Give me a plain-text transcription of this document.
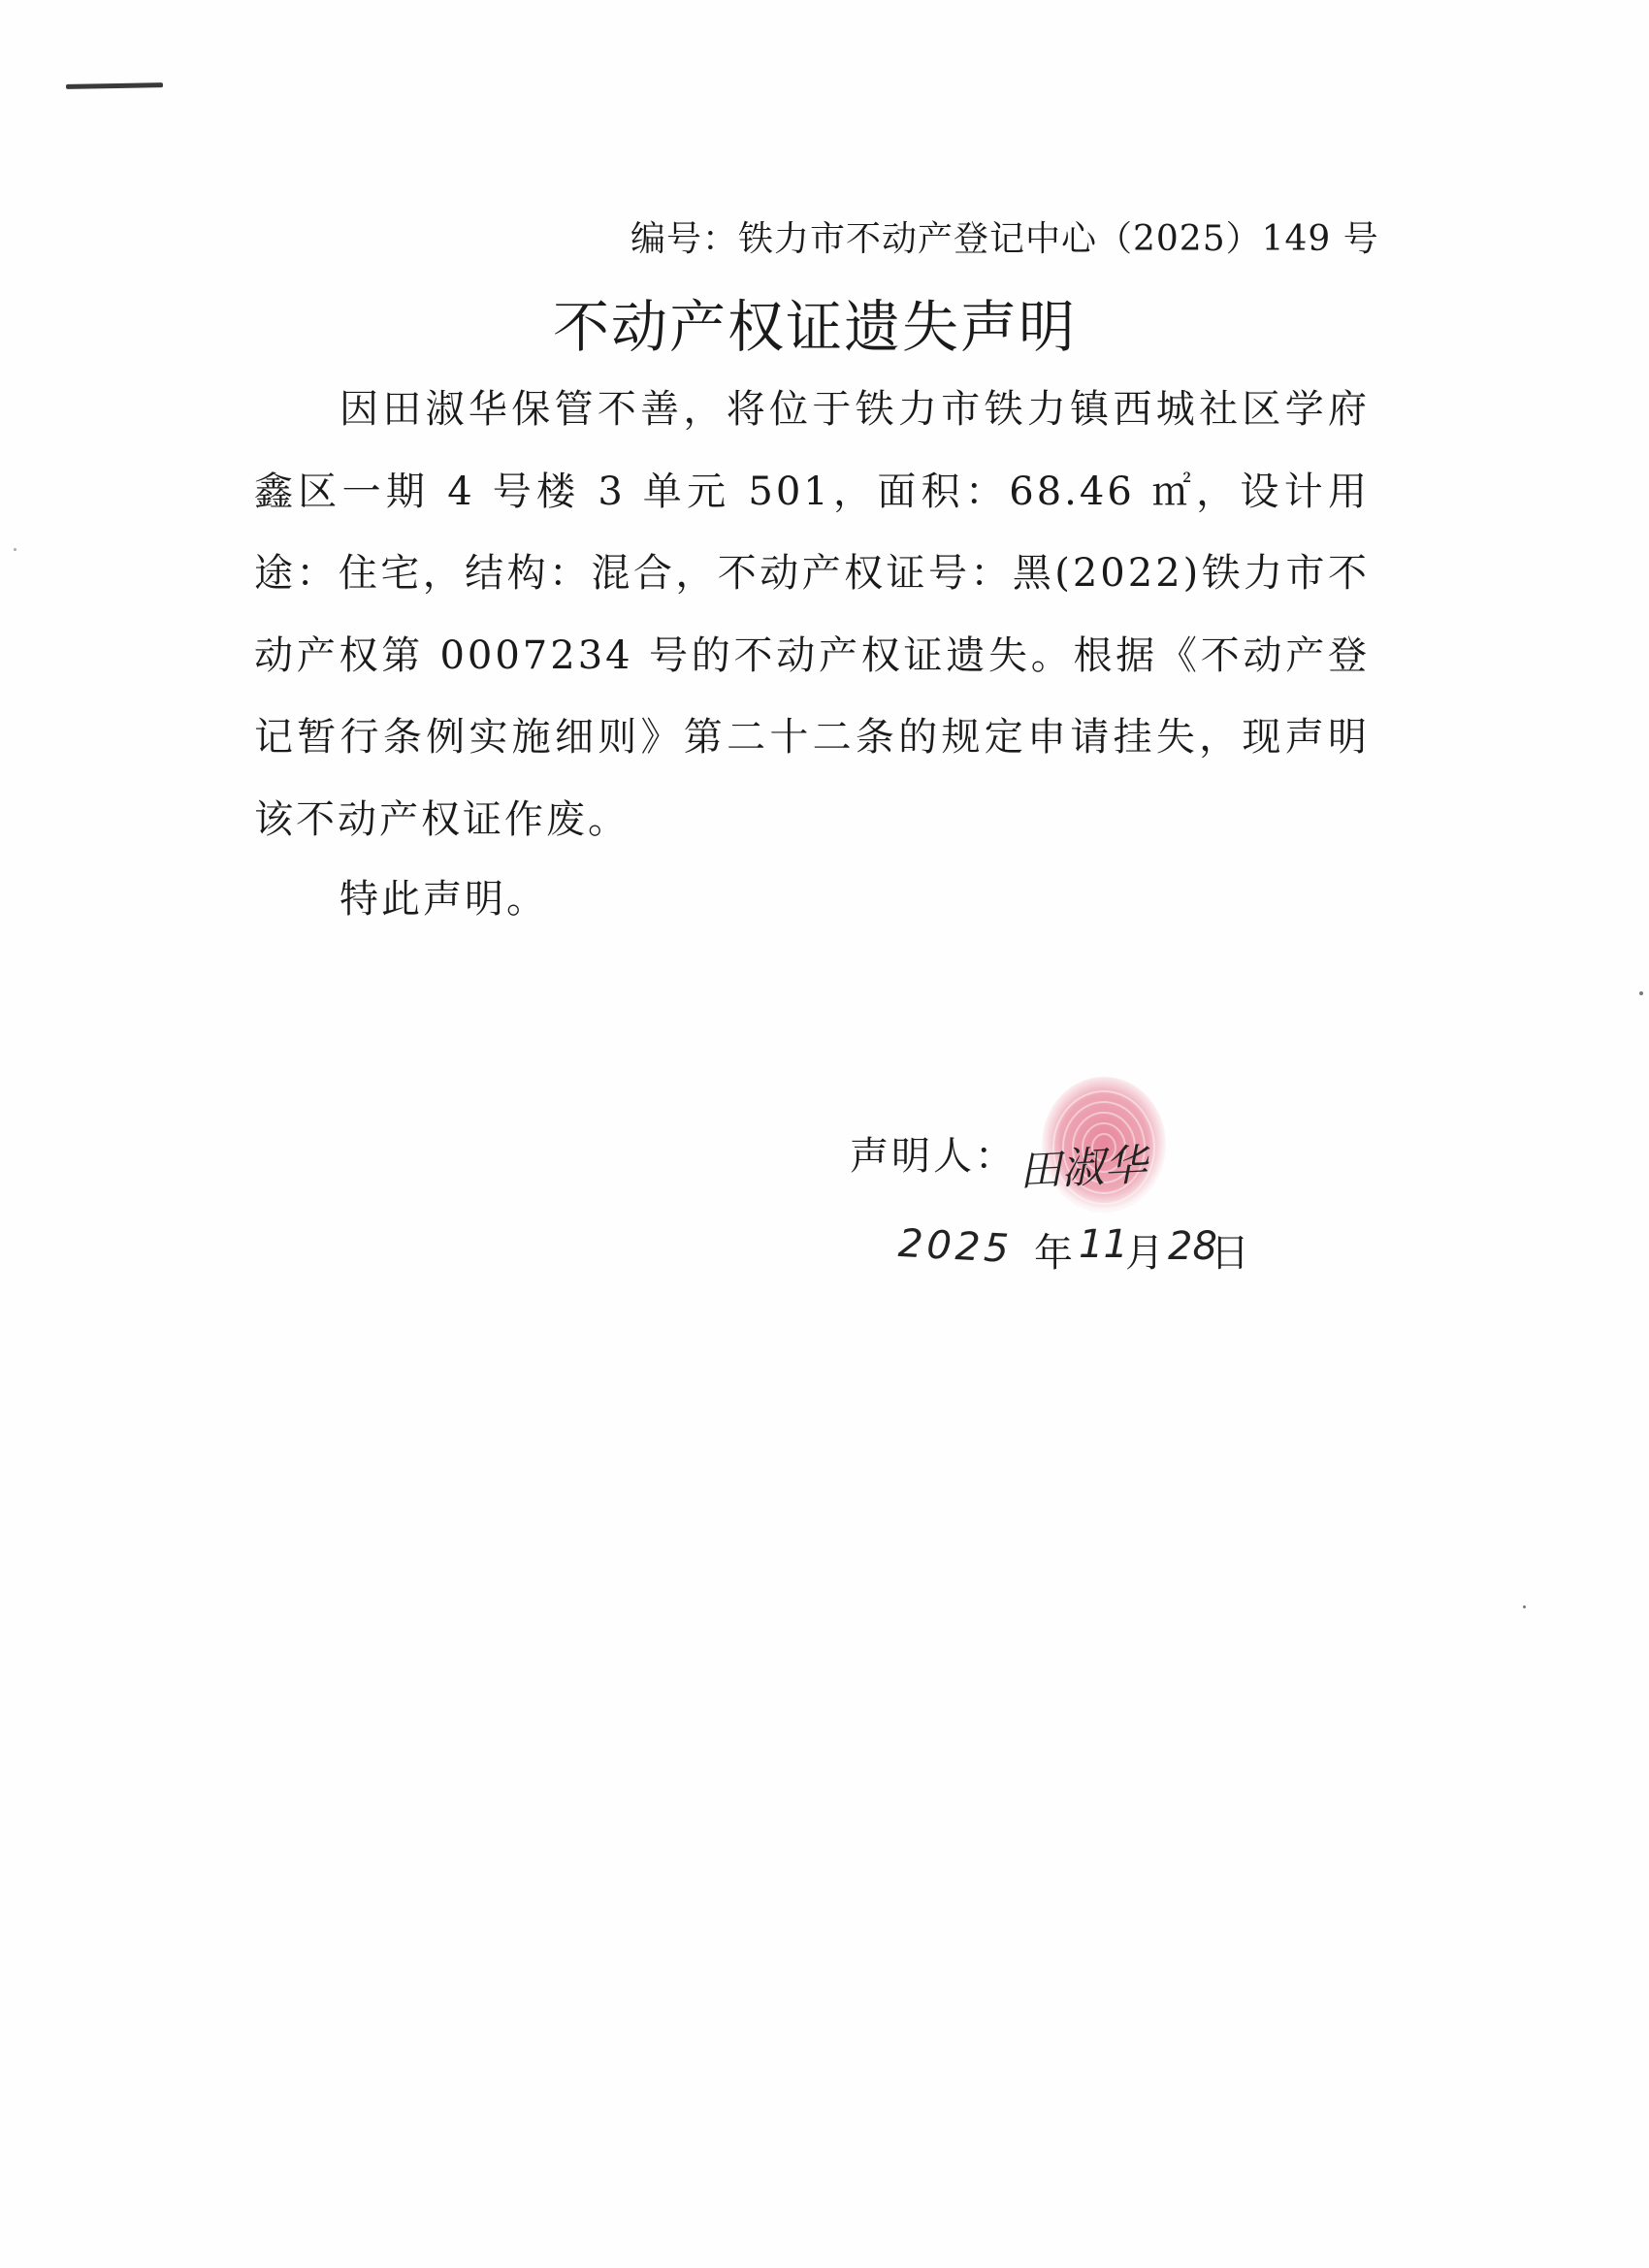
编号：铁力市不动产登记中心（2025）149 号
不动产权证遗失声明

因田淑华保管不善，将位于铁力市铁力镇西城社区学府鑫区一期 4 号楼 3 单元 501，面积：68.46 ㎡，设计用途：住宅，结构：混合，不动产权证号：黑(2022)铁力市不动产权第 0007234 号的不动产权证遗失。根据《不动产登记暂行条例实施细则》第二十二条的规定申请挂失，现声明该不动产权证作废。

特此声明。
声明人： 田淑华
2025 年 11
月 28
日
